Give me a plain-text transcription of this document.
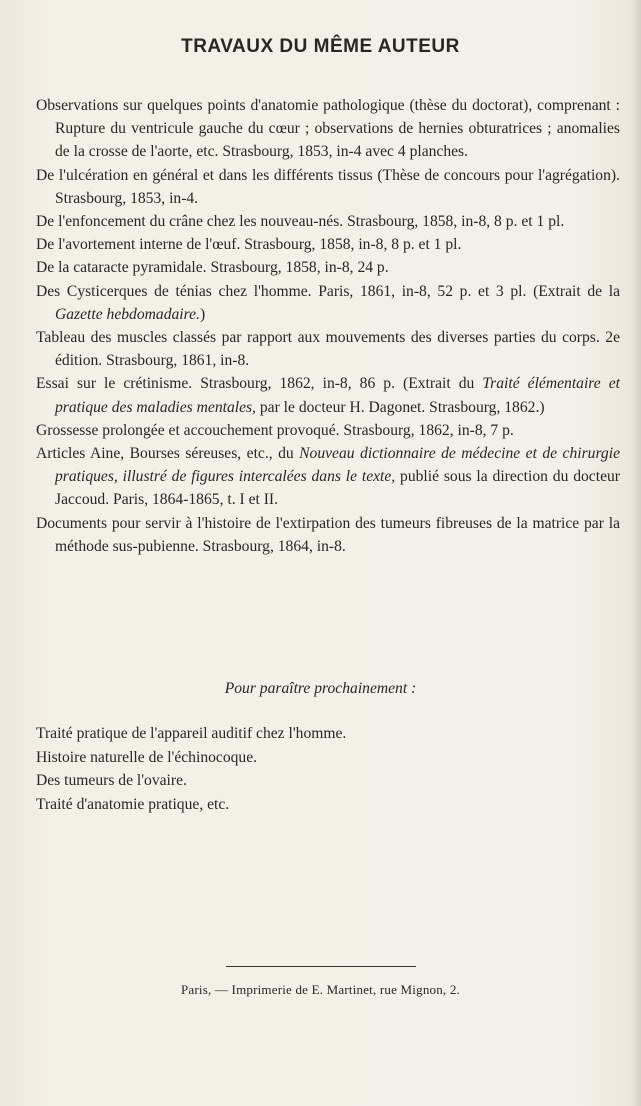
TRAVAUX DU MÊME AUTEUR

Observations sur quelques points d'anatomie pathologique (thèse du doctorat), comprenant : Rupture du ventricule gauche du cœur ; observations de hernies obturatrices ; anomalies de la crosse de l'aorte, etc. Strasbourg, 1853, in-4 avec 4 planches.

De l'ulcération en général et dans les différents tissus (Thèse de concours pour l'agrégation). Strasbourg, 1853, in-4.

De l'enfoncement du crâne chez les nouveau-nés. Strasbourg, 1858, in-8, 8 p. et 1 pl.

De l'avortement interne de l'œuf. Strasbourg, 1858, in-8, 8 p. et 1 pl.

De la cataracte pyramidale. Strasbourg, 1858, in-8, 24 p.

Des Cysticerques de ténias chez l'homme. Paris, 1861, in-8, 52 p. et 3 pl. (Extrait de la Gazette hebdomadaire.)

Tableau des muscles classés par rapport aux mouvements des diverses parties du corps. 2e édition. Strasbourg, 1861, in-8.

Essai sur le crétinisme. Strasbourg, 1862, in-8, 86 p. (Extrait du Traité élémentaire et pratique des maladies mentales, par le docteur H. Dagonet. Strasbourg, 1862.)

Grossesse prolongée et accouchement provoqué. Strasbourg, 1862, in-8, 7 p.

Articles Aine, Bourses séreuses, etc., du Nouveau dictionnaire de médecine et de chirurgie pratiques, illustré de figures intercalées dans le texte, publié sous la direction du docteur Jaccoud. Paris, 1864-1865, t. I et II.

Documents pour servir à l'histoire de l'extirpation des tumeurs fibreuses de la matrice par la méthode sus-pubienne. Strasbourg, 1864, in-8.

Pour paraître prochainement :
Traité pratique de l'appareil auditif chez l'homme.
Histoire naturelle de l'échinocoque.
Des tumeurs de l'ovaire.
Traité d'anatomie pratique, etc.
Paris, — Imprimerie de E. Martinet, rue Mignon, 2.
